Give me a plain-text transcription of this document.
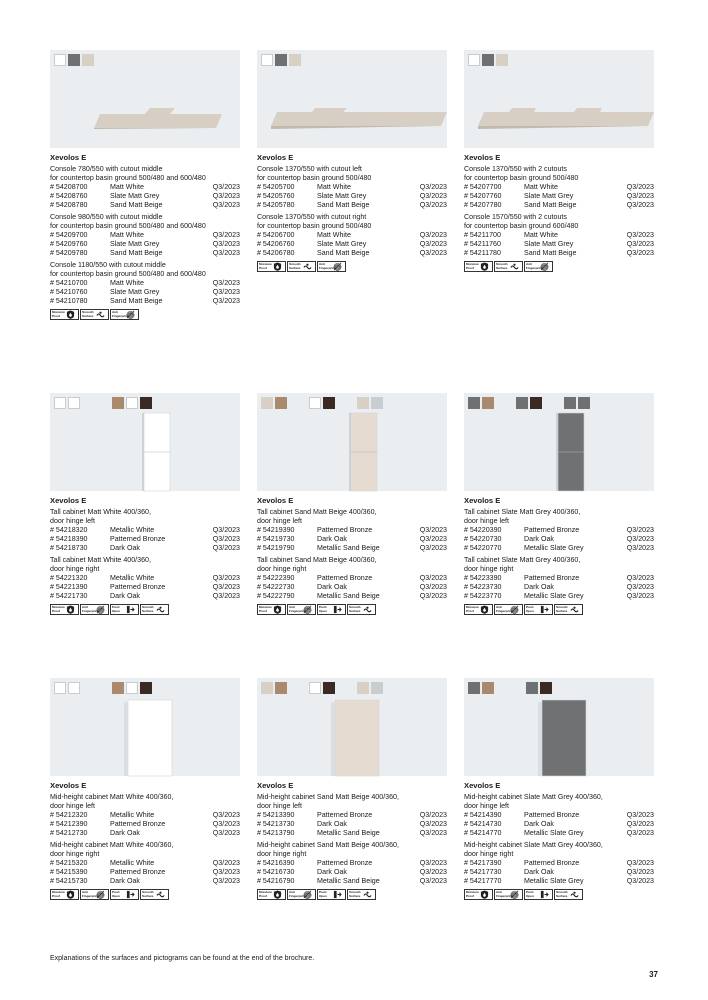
Xevolos E
Console 780/550 with cutout middle
for countertop basin ground 500/480 and 600/480
# 54208700	Matt White	Q3/2023
# 54208760	Slate Matt Grey	Q3/2023
# 54208780	Sand Matt Beige	Q3/2023
Console 980/550 with cutout middle
for countertop basin ground 500/480 and 600/480
# 54209700	Matt White	Q3/2023
# 54209760	Slate Matt Grey	Q3/2023
# 54209780	Sand Matt Beige	Q3/2023
Console 1180/550 with cutout middle
for countertop basin ground 500/480 and 600/480
# 54210700	Matt White	Q3/2023
# 54210760	Slate Matt Grey	Q3/2023
# 54210780	Sand Matt Beige	Q3/2023
Moisture Proof
Smooth Surface
Anti Fingerprint
Xevolos E
Console 1370/550 with cutout left
for countertop basin ground 500/480
# 54205700	Matt White	Q3/2023
# 54205760	Slate Matt Grey	Q3/2023
# 54205780	Sand Matt Beige	Q3/2023
Console 1370/550 with cutout right
for countertop basin ground 500/480
# 54206700	Matt White	Q3/2023
# 54206760	Slate Matt Grey	Q3/2023
# 54206780	Sand Matt Beige	Q3/2023
Moisture Proof
Smooth Surface
Anti Fingerprint
Xevolos E
Console 1370/550 with 2 cutouts
for countertop basin ground 500/480
# 54207700	Matt White	Q3/2023
# 54207760	Slate Matt Grey	Q3/2023
# 54207780	Sand Matt Beige	Q3/2023
Console 1570/550 with 2 cutouts
for countertop basin ground 600/480
# 54211700	Matt White	Q3/2023
# 54211760	Slate Matt Grey	Q3/2023
# 54211780	Sand Matt Beige	Q3/2023
Moisture Proof
Smooth Surface
Anti Fingerprint
Xevolos E
Tall cabinet Matt White 400/360,
door hinge left
# 54218320	Metallic White	Q3/2023
# 54218390	Patterned Bronze	Q3/2023
# 54218730	Dark Oak	Q3/2023
Tall cabinet Matt White 400/360,
door hinge right
# 54221320	Metallic White	Q3/2023
# 54221390	Patterned Bronze	Q3/2023
# 54221730	Dark Oak	Q3/2023
Moisture Proof
Anti Fingerprint
Push Open
Smooth Surface
Xevolos E
Tall cabinet Sand Matt Beige 400/360,
door hinge left
# 54219390	Patterned Bronze	Q3/2023
# 54219730	Dark Oak	Q3/2023
# 54219790	Metallic Sand Beige	Q3/2023
Tall cabinet Sand Matt Beige 400/360,
door hinge right
# 54222390	Patterned Bronze	Q3/2023
# 54222730	Dark Oak	Q3/2023
# 54222790	Metallic Sand Beige	Q3/2023
Moisture Proof
Anti Fingerprint
Push Open
Smooth Surface
Xevolos E
Tall cabinet Slate Matt Grey 400/360,
door hinge left
# 54220390	Patterned Bronze	Q3/2023
# 54220730	Dark Oak	Q3/2023
# 54220770	Metallic Slate Grey	Q3/2023
Tall cabinet Slate Matt Grey 400/360,
door hinge right
# 54223390	Patterned Bronze	Q3/2023
# 54223730	Dark Oak	Q3/2023
# 54223770	Metallic Slate Grey	Q3/2023
Moisture Proof
Anti Fingerprint
Push Open
Smooth Surface
Xevolos E
Mid-height cabinet Matt White 400/360,
door hinge left
# 54212320	Metallic White	Q3/2023
# 54212390	Patterned Bronze	Q3/2023
# 54212730	Dark Oak	Q3/2023
Mid-height cabinet Matt White 400/360,
door hinge right
# 54215320	Metallic White	Q3/2023
# 54215390	Patterned Bronze	Q3/2023
# 54215730	Dark Oak	Q3/2023
Moisture Proof
Anti Fingerprint
Push Open
Smooth Surface
Xevolos E
Mid-height cabinet Sand Matt Beige 400/360,
door hinge left
# 54213390	Patterned Bronze	Q3/2023
# 54213730	Dark Oak	Q3/2023
# 54213790	Metallic Sand Beige	Q3/2023
Mid-height cabinet Sand Matt Beige 400/360,
door hinge right
# 54216390	Patterned Bronze	Q3/2023
# 54216730	Dark Oak	Q3/2023
# 54216790	Metallic Sand Beige	Q3/2023
Moisture Proof
Anti Fingerprint
Push Open
Smooth Surface
Xevolos E
Mid-height cabinet Slate Matt Grey 400/360,
door hinge left
# 54214390	Patterned Bronze	Q3/2023
# 54214730	Dark Oak	Q3/2023
# 54214770	Metallic Slate Grey	Q3/2023
Mid-height cabinet Slate Matt Grey 400/360,
door hinge right
# 54217390	Patterned Bronze	Q3/2023
# 54217730	Dark Oak	Q3/2023
# 54217770	Metallic Slate Grey	Q3/2023
Moisture Proof
Anti Fingerprint
Push Open
Smooth Surface
Explanations of the surfaces and pictograms can be found at the end of the brochure.
37
